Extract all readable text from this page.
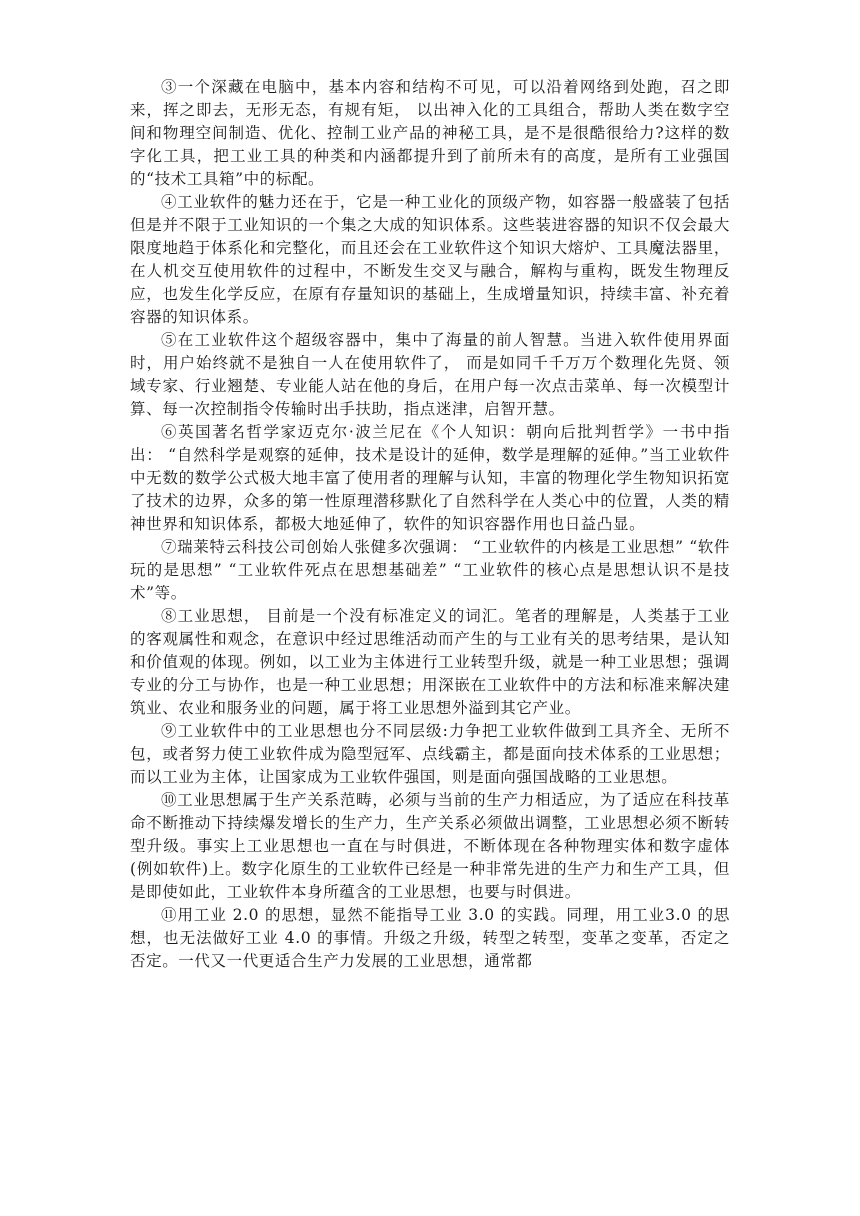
③一个深藏在电脑中，基本内容和结构不可见，可以沿着网络到处跑，召之即来，挥之即去，无形无态，有规有矩， 以出神入化的工具组合，帮助人类在数字空间和物理空间制造、优化、控制工业产品的神秘工具，是不是很酷很给力?这样的数字化工具，把工业工具的种类和内涵都提升到了前所未有的高度，是所有工业强国的“技术工具箱”中的标配。

④工业软件的魅力还在于，它是一种工业化的顶级产物，如容器一般盛装了包括但是并不限于工业知识的一个集之大成的知识体系。这些装进容器的知识不仅会最大限度地趋于体系化和完整化，而且还会在工业软件这个知识大熔炉、工具魔法器里，在人机交互使用软件的过程中，不断发生交叉与融合，解构与重构，既发生物理反应，也发生化学反应，在原有存量知识的基础上，生成增量知识，持续丰富、补充着容器的知识体系。

⑤在工业软件这个超级容器中，集中了海量的前人智慧。当进入软件使用界面时，用户始终就不是独自一人在使用软件了， 而是如同千千万万个数理化先贤、领域专家、行业翘楚、专业能人站在他的身后，在用户每一次点击菜单、每一次模型计算、每一次控制指令传输时出手扶助，指点迷津，启智开慧。

⑥英国著名哲学家迈克尔·波兰尼在《个人知识：朝向后批判哲学》一书中指出： “自然科学是观察的延伸，技术是设计的延伸，数学是理解的延伸。”当工业软件中无数的数学公式极大地丰富了使用者的理解与认知，丰富的物理化学生物知识拓宽了技术的边界，众多的第一性原理潜移默化了自然科学在人类心中的位置，人类的精神世界和知识体系，都极大地延伸了，软件的知识容器作用也日益凸显。

⑦瑞莱特云科技公司创始人张健多次强调： “工业软件的内核是工业思想” “软件玩的是思想” “工业软件死点在思想基础差” “工业软件的核心点是思想认识不是技术”等。

⑧工业思想， 目前是一个没有标准定义的词汇。笔者的理解是，人类基于工业的客观属性和观念，在意识中经过思维活动而产生的与工业有关的思考结果，是认知和价值观的体现。例如，以工业为主体进行工业转型升级，就是一种工业思想；强调专业的分工与协作，也是一种工业思想；用深嵌在工业软件中的方法和标准来解决建筑业、农业和服务业的问题，属于将工业思想外溢到其它产业。

⑨工业软件中的工业思想也分不同层级:力争把工业软件做到工具齐全、无所不包，或者努力使工业软件成为隐型冠军、点线霸主，都是面向技术体系的工业思想；而以工业为主体，让国家成为工业软件强国，则是面向强国战略的工业思想。

⑩工业思想属于生产关系范畴，必须与当前的生产力相适应，为了适应在科技革命不断推动下持续爆发增长的生产力，生产关系必须做出调整，工业思想必须不断转型升级。事实上工业思想也一直在与时俱进，不断体现在各种物理实体和数字虚体(例如软件)上。数字化原生的工业软件已经是一种非常先进的生产力和生产工具，但是即使如此，工业软件本身所蕴含的工业思想，也要与时俱进。

⑪用工业 2.0 的思想，显然不能指导工业 3.0 的实践。同理，用工业3.0 的思想，也无法做好工业 4.0 的事情。升级之升级，转型之转型，变革之变革，否定之否定。一代又一代更适合生产力发展的工业思想，通常都
